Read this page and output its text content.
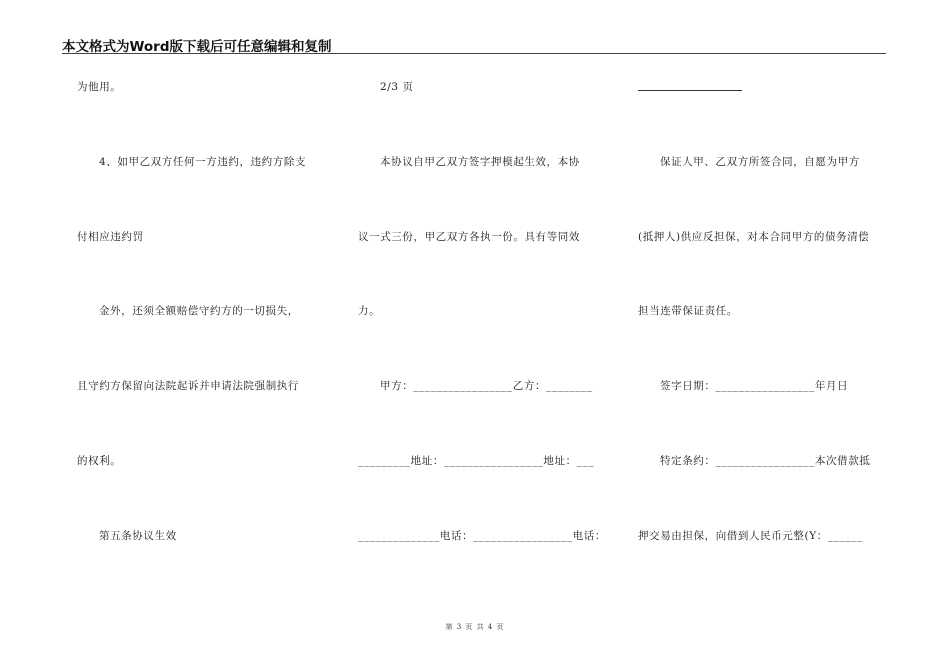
本文格式为Word版下载后可任意编辑和复制
为他用。
4、如甲乙双方任何一方违约，违约方除支
付相应违约罚
金外，还须全额赔偿守约方的一切损失，
且守约方保留向法院起诉并申请法院强制执行
的权利。
第五条协议生效
2/3 页
本协议自甲乙双方签字押模起生效，本协
议一式三份，甲乙双方各执一份。具有等同效
力。
甲方：_________________乙方：________
_________地址：_________________地址：___
______________电话：_________________电话：
保证人甲、乙双方所签合同，自愿为甲方
(抵押人)供应反担保，对本合同甲方的债务清偿
担当连带保证责任。
签字日期：_________________年月日
特定条约：_________________本次借款抵
押交易由担保，向借到人民币元整(Y：______
第 3 页 共 4 页
